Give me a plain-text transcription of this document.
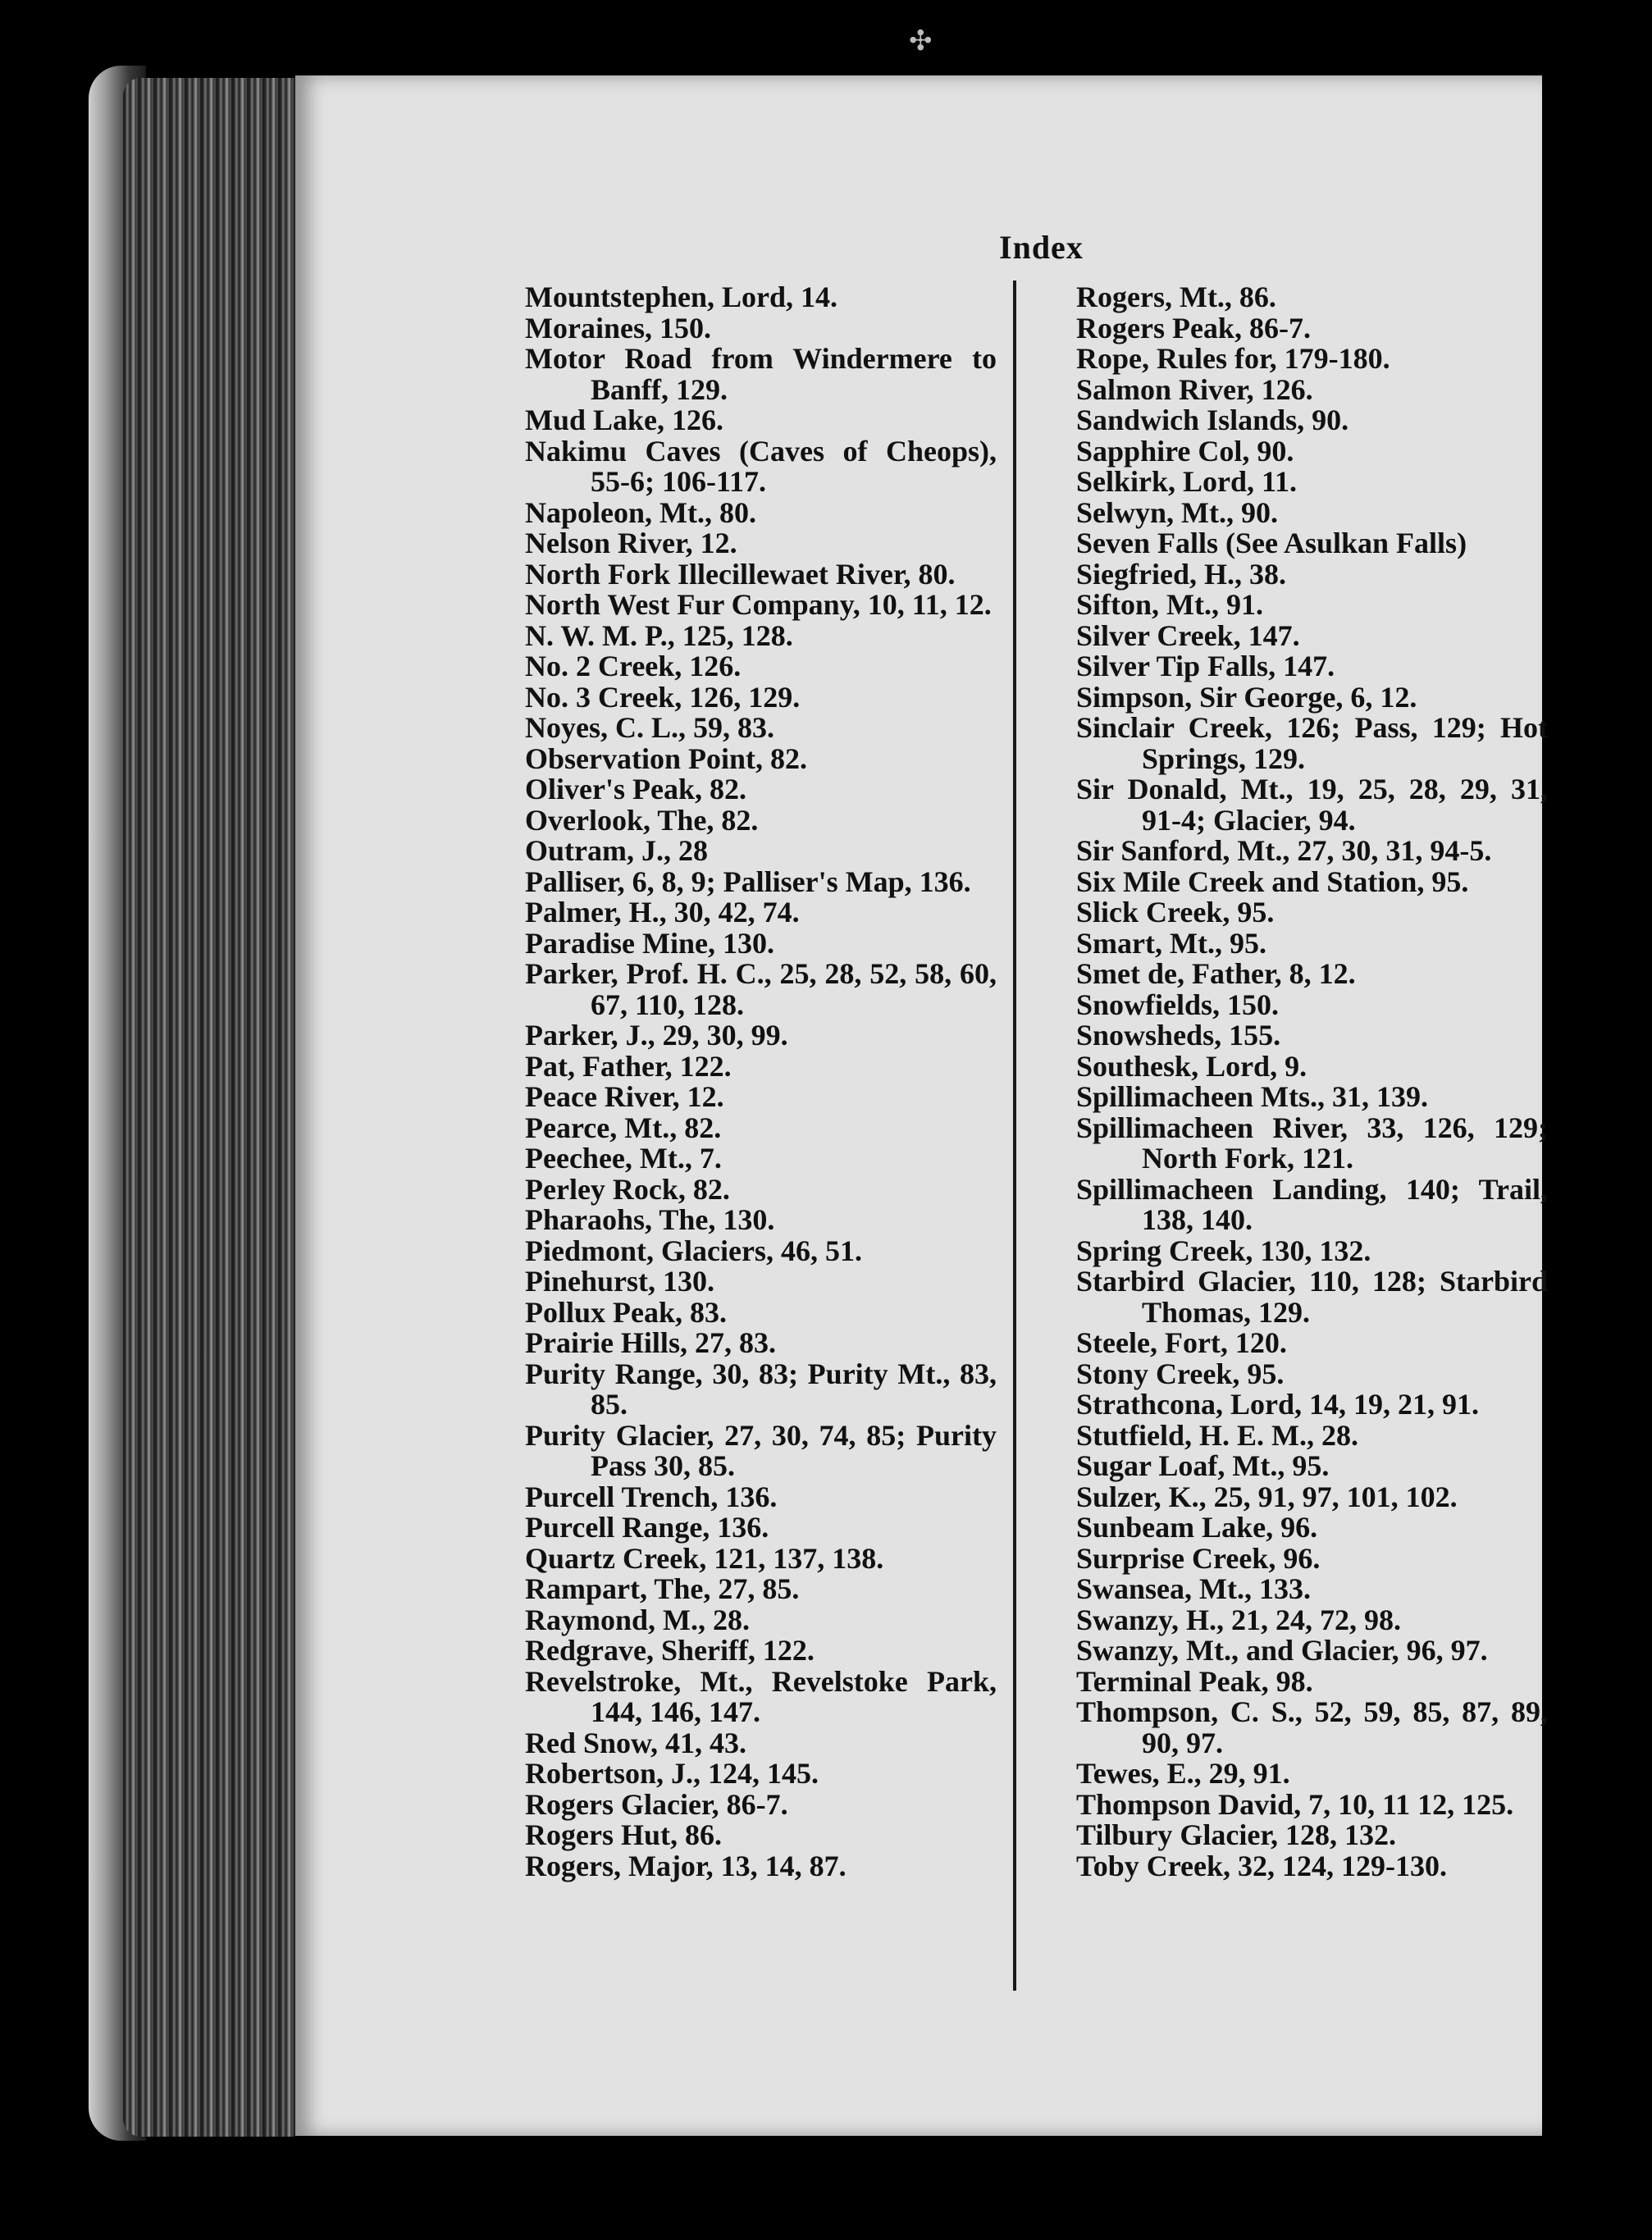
✣
Index
Mountstephen, Lord, 14.
Moraines, 150.
Motor Road from Windermere to Banff, 129.
Mud Lake, 126.
Nakimu Caves (Caves of Cheops), 55-6; 106-117.
Napoleon, Mt., 80.
Nelson River, 12.
North Fork Illecillewaet River, 80.
North West Fur Company, 10, 11, 12.
N. W. M. P., 125, 128.
No. 2 Creek, 126.
No. 3 Creek, 126, 129.
Noyes, C. L., 59, 83.
Observation Point, 82.
Oliver's Peak, 82.
Overlook, The, 82.
Outram, J., 28
Palliser, 6, 8, 9; Palliser's Map, 136.
Palmer, H., 30, 42, 74.
Paradise Mine, 130.
Parker, Prof. H. C., 25, 28, 52, 58, 60, 67, 110, 128.
Parker, J., 29, 30, 99.
Pat, Father, 122.
Peace River, 12.
Pearce, Mt., 82.
Peechee, Mt., 7.
Perley Rock, 82.
Pharaohs, The, 130.
Piedmont, Glaciers, 46, 51.
Pinehurst, 130.
Pollux Peak, 83.
Prairie Hills, 27, 83.
Purity Range, 30, 83; Purity Mt., 83, 85.
Purity Glacier, 27, 30, 74, 85; Purity Pass 30, 85.
Purcell Trench, 136.
Purcell Range, 136.
Quartz Creek, 121, 137, 138.
Rampart, The, 27, 85.
Raymond, M., 28.
Redgrave, Sheriff, 122.
Revelstroke, Mt., Revelstoke Park, 144, 146, 147.
Red Snow, 41, 43.
Robertson, J., 124, 145.
Rogers Glacier, 86-7.
Rogers Hut, 86.
Rogers, Major, 13, 14, 87.
Rogers, Mt., 86.
Rogers Peak, 86-7.
Rope, Rules for, 179-180.
Salmon River, 126.
Sandwich Islands, 90.
Sapphire Col, 90.
Selkirk, Lord, 11.
Selwyn, Mt., 90.
Seven Falls (See Asulkan Falls)
Siegfried, H., 38.
Sifton, Mt., 91.
Silver Creek, 147.
Silver Tip Falls, 147.
Simpson, Sir George, 6, 12.
Sinclair Creek, 126; Pass, 129; Hot Springs, 129.
Sir Donald, Mt., 19, 25, 28, 29, 31, 91-4; Glacier, 94.
Sir Sanford, Mt., 27, 30, 31, 94-5.
Six Mile Creek and Station, 95.
Slick Creek, 95.
Smart, Mt., 95.
Smet de, Father, 8, 12.
Snowfields, 150.
Snowsheds, 155.
Southesk, Lord, 9.
Spillimacheen Mts., 31, 139.
Spillimacheen River, 33, 126, 129; North Fork, 121.
Spillimacheen Landing, 140; Trail, 138, 140.
Spring Creek, 130, 132.
Starbird Glacier, 110, 128; Starbird Thomas, 129.
Steele, Fort, 120.
Stony Creek, 95.
Strathcona, Lord, 14, 19, 21, 91.
Stutfield, H. E. M., 28.
Sugar Loaf, Mt., 95.
Sulzer, K., 25, 91, 97, 101, 102.
Sunbeam Lake, 96.
Surprise Creek, 96.
Swansea, Mt., 133.
Swanzy, H., 21, 24, 72, 98.
Swanzy, Mt., and Glacier, 96, 97.
Terminal Peak, 98.
Thompson, C. S., 52, 59, 85, 87, 89, 90, 97.
Tewes, E., 29, 91.
Thompson David, 7, 10, 11 12, 125.
Tilbury Glacier, 128, 132.
Toby Creek, 32, 124, 129-130.
